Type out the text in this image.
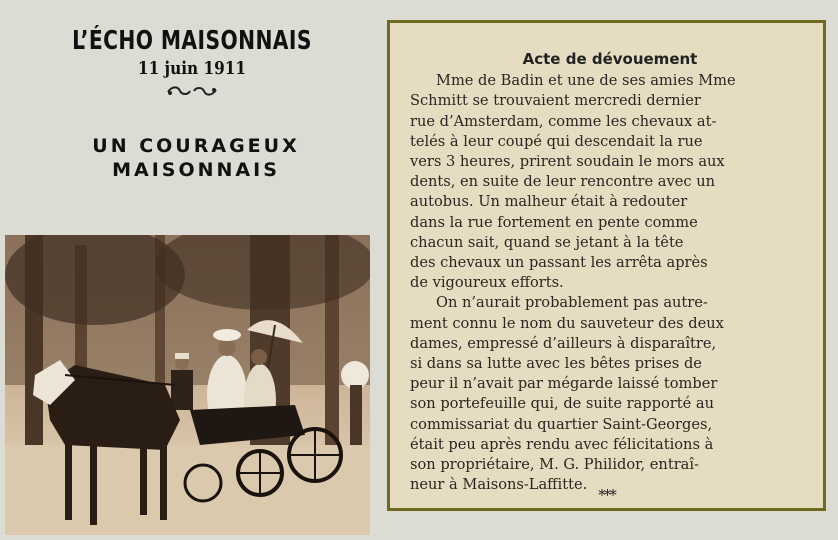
L’ÉCHO MAISONNAIS
11 juin 1911
UN COURAGEUX
MAISONNAIS
Acte de dévouement
Mme de Badin et une de ses amies Mme
Schmitt se trouvaient mercredi dernier
rue d’Amsterdam, comme les chevaux at-
telés à leur coupé qui descendait la rue
vers 3 heures, prirent soudain le mors aux
dents, en suite de leur rencontre avec un
autobus. Un malheur était à redouter
dans la rue fortement en pente comme
chacun sait, quand se jetant à la tête
des chevaux un passant les arrêta après
de vigoureux efforts.
On n’aurait probablement pas autre-
ment connu le nom du sauveteur des deux
dames, empressé d’ailleurs à disparaître,
si dans sa lutte avec les bêtes prises de
peur il n’avait par mégarde laissé tomber
son portefeuille qui, de suite rapporté au
commissariat du quartier Saint-Georges,
était peu après rendu avec félicitations à
son propriétaire, M. G. Philidor, entraî-
neur à Maisons-Laffitte.
***
